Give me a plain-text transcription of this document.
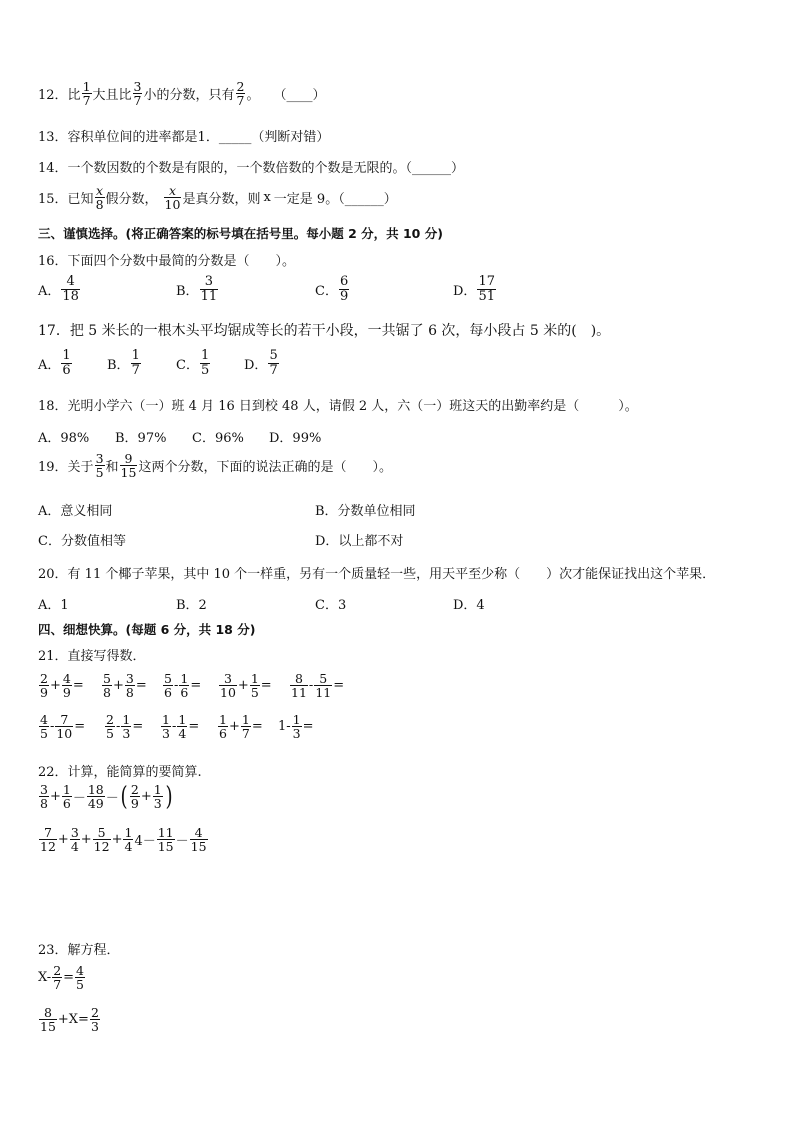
12． 比 $\frac{1}{7}$ 大且比 $\frac{3}{7}$ 小的分数，只有 $\frac{2}{7}$ 。 （____）
13．容积单位间的进率都是1．_____（判断对错）
14．一个数因数的个数是有限的，一个数倍数的个数是无限的。（______）
15． 已知 $\frac{x}{8}$ 假分数， $\frac{x}{10}$ 是真分数，则 x 一定是 9。（______）
三、谨慎选择。(将正确答案的标号填在括号里。每小题 2 分，共 10 分)
16．下面四个分数中最简的分数是（　　）。
A． $\frac{4}{18}$	B． $\frac{3}{11}$	C． $\frac{6}{9}$	D． $\frac{17}{51}$
17．把 5 米长的一根木头平均锯成等长的若干小段，一共锯了 6 次，每小段占 5 米的(　)。
A． $\frac{1}{6}$	B． $\frac{1}{7}$	C． $\frac{1}{5}$	D． $\frac{5}{7}$
18．光明小学六（一）班 4 月 16 日到校 48 人，请假 2 人，六（一）班这天的出勤率约是（　　　）。
A．98% B．97% C．96% D．99%
19． 关于 $\frac{3}{5}$ 和 $\frac{9}{15}$ 这两个分数，下面的说法正确的是（　　）。
A．意义相同	B．分数单位相同
C．分数值相等	D．以上都不对
20．有 11 个椰子苹果，其中 10 个一样重，另有一个质量轻一些，用天平至少称（　　）次才能保证找出这个苹果．
A．1	B．2	C．3	D．4
四、细想快算。(每题 6 分，共 18 分)
21．直接写得数．
$\frac{2}{9} + \frac{4}{9} = \frac{5}{8} + \frac{3}{8} = \frac{5}{6} - \frac{1}{6} = \frac{3}{10} + \frac{1}{5} = \frac{8}{11} - \frac{5}{11}$ =
$\frac{4}{5} - \frac{7}{10} = \frac{2}{5} - \frac{1}{3} = \frac{1}{3} - \frac{1}{4} = \frac{1}{6} + \frac{1}{7} = 1- \frac{1}{3}$ =
22．计算，能简算的要简算.
$\frac{3}{8} + \frac{1}{6} - \frac{18}{49}$ － ( $\frac{2}{9} + \frac{1}{3}$ )
$\frac{7}{12} + \frac{3}{4} + \frac{5}{12} + \frac{1}{4} 4- \frac{11}{15} - \frac{4}{15}$
23．解方程．
$X- \frac{2}{7} = \frac{4}{5}$
$\frac{8}{15} +X= \frac{2}{3}$
